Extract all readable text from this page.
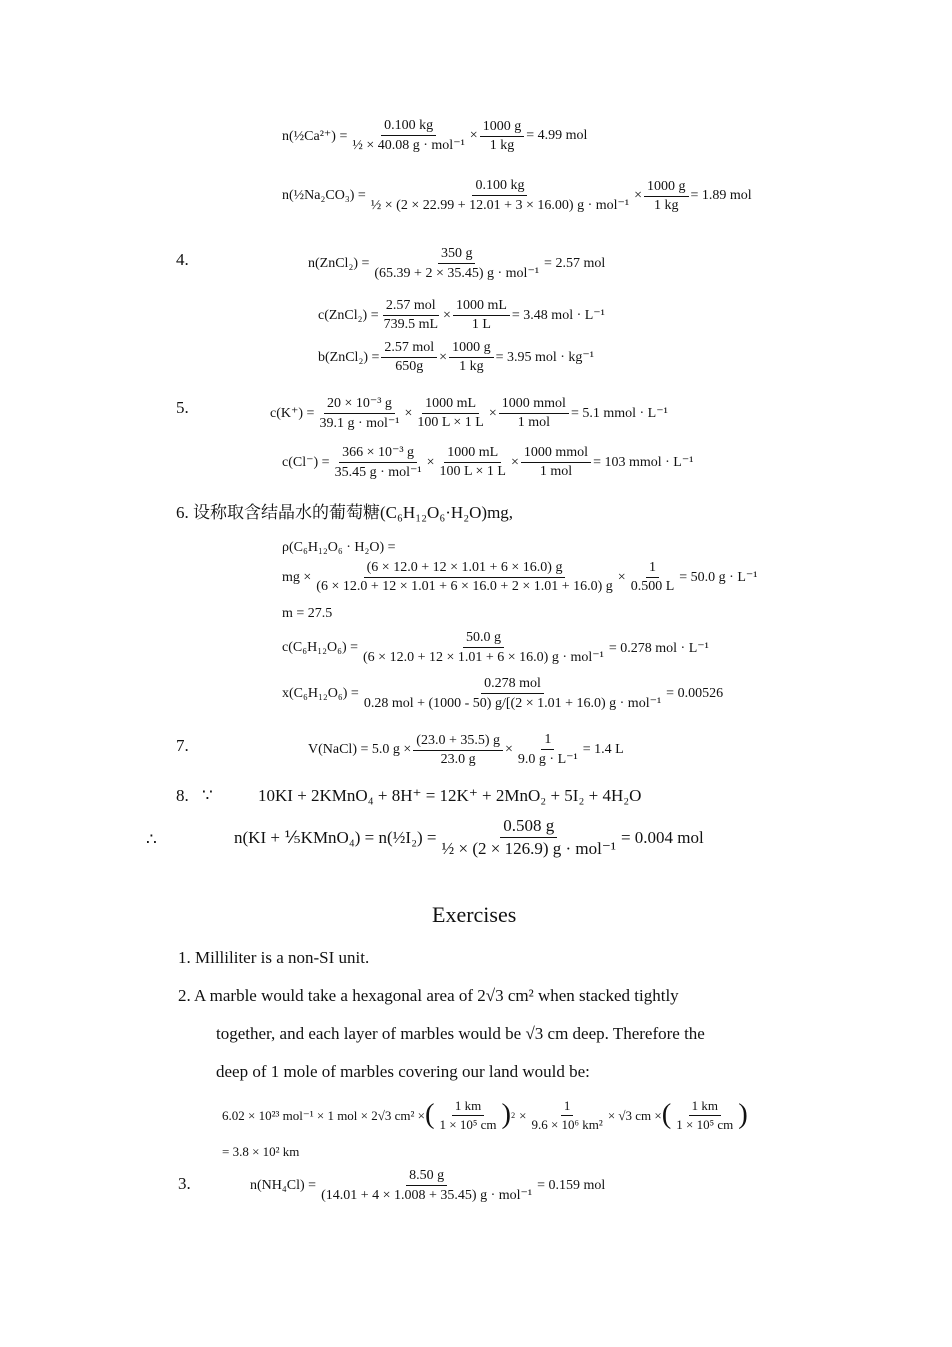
n(½Ca²⁺) = $\frac{0.100 kg}{\text{½ × 40.08 g · mol⁻¹}} \times \frac{1000 g}{1 kg} = 4.99$ mol
n(½Na₂CO₃) = $\frac{0.100 kg}{\text{½ × (2 × 22.99 + 12.01 + 3 × 16.00) g · mol⁻¹}} \times \frac{1000 g}{1 kg} = 1.89$ mol
4.	n(ZnCl₂) = $\frac{350 g}{\text{(65.39 + 2 × 35.45) g · mol⁻¹}} = 2.57$ mol
c(ZnCl₂) = $\frac{\text{2.57 mol}}{739.5 mL} \times \frac{1000 mL}{1 L} = 3.48$ mol · L⁻¹
b(ZnCl₂) = $\frac{\text{2.57 mol}}{650g} \times \frac{1000 g}{1 kg} = 3.95$ mol · kg⁻¹
5.	$c(K^+) = \frac{\text{20 × 10⁻³ g}}{\text{39.1 g · mol⁻¹}} \times \frac{1000 mL}{100 L \times 1 L} \times \frac{\text{1000 mmol}}{\text{1 mol}} = 5.1$ mmol · L⁻¹
$c(Cl^-) = \frac{\text{366 × 10⁻³ g}}{\text{35.45 g · mol⁻¹}} \times \frac{1000 mL}{100 L \times 1 L} \times \frac{\text{1000 mmol}}{\text{1 mol}} = 103$ mmol · L⁻¹
6. 设称取含结晶水的葡萄糖(C₆H₁₂O₆·H₂O)mg,
ρ(C₆H₁₂O₆ · H₂O) =
mg × $\frac{(6 \times 12.0 + 12 \times 1.01 + 6 \times 16.0) g}{(6 \times 12.0 + 12 \times 1.01 + 6 \times 16.0 + 2 \times 1.01 + 16.0) g} \times \frac{1}{0.500 L} = 50.0$ g · L⁻¹
m = 27.5
$c(C_6H_{12}O_6) = \frac{50.0 g}{\text{(6 × 12.0 + 12 × 1.01 + 6 × 16.0) g · mol⁻¹}} = 0.278$ mol · L⁻¹
$x(C_6H_{12}O_6) = \frac{\text{0.278 mol}}{\text{0.28 mol + (1000 - 50) g/[(2 × 1.01 + 16.0) g · mol⁻¹}} = 0.00526$
7.	V(NaCl) = 5.0 $g \times \frac{(23.0 + 35.5) g}{23.0 g} \times \frac{1}{\text{9.0 g · L⁻¹}} = 1.4$ L
8. ∵	10KI + 2KMnO₄ + 8H⁺ = 12K⁺ + 2MnO₂ + 5I₂ + 4H₂O
∴	n(KI + ⅕KMnO₄) = n(½I₂) = $\frac{0.508 g}{\text{½ × (2 × 126.9) g · mol⁻¹}} = 0.004$ mol
Exercises
1. Milliliter is a non-SI unit.
2. A marble would take a hexagonal area of 2√3 cm² when stacked tightly
together, and each layer of marbles would be √3 cm deep. Therefore the
deep of 1 mole of marbles covering our land would be:
6.02 × 10²³ mol⁻¹ × 1 mol × 2√3 cm² × ( $\frac{1 km}{\text{1 × 10⁵ cm}}$ ) $2 \times \frac{1}{\text{9.6 × 10⁶ km²}} \times √3$ cm × ( $\frac{1 km}{\text{1 × 10⁵ cm}}$ )
= 3.8 × 10² km
3.	$n(NH_4Cl) = \frac{8.50 g}{\text{(14.01 + 4 × 1.008 + 35.45) g · mol⁻¹}} = 0.159$ mol
